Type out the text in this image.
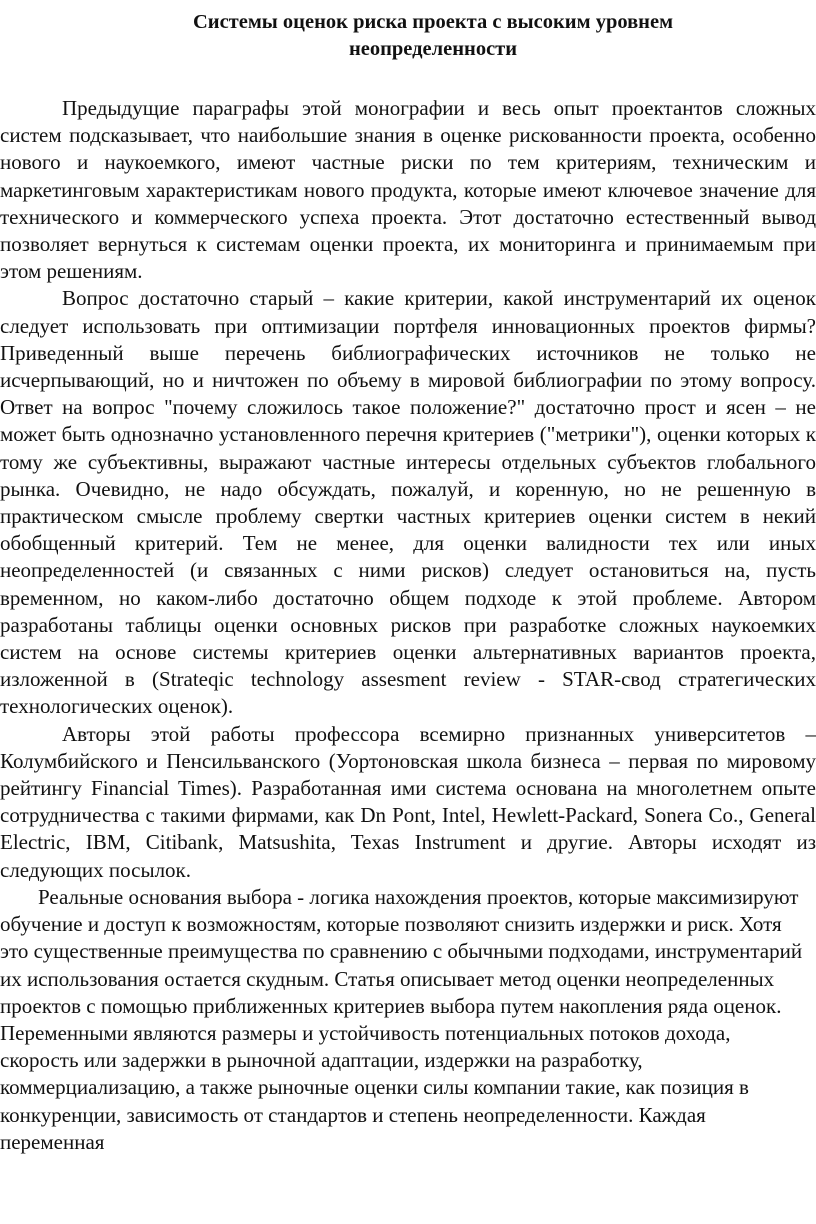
Системы оценок риска проекта с высоким уровнем
неопределенности

Предыдущие параграфы этой монографии и весь опыт проектантов сложных систем подсказывает, что наибольшие знания в оценке рискованности проекта, особенно нового и наукоемкого, имеют частные риски по тем критериям, техническим и маркетинговым характеристикам нового продукта, которые имеют ключевое значение для технического и коммерческого успеха проекта. Этот достаточно естественный вывод позволяет вернуться к системам оценки проекта, их мониторинга и принимаемым при этом решениям.

Вопрос достаточно старый – какие критерии, какой инструментарий их оценок следует использовать при оптимизации портфеля инновационных проектов фирмы? Приведенный выше перечень библиографических источников не только не исчерпывающий, но и ничтожен по объему в мировой библиографии по этому вопросу. Ответ на вопрос "почему сложилось такое положение?" достаточно прост и ясен – не может быть однозначно установленного перечня критериев ("метрики"), оценки которых к тому же субъективны, выражают частные интересы отдельных субъектов глобального рынка. Очевидно, не надо обсуждать, пожалуй, и коренную, но не решенную в практическом смысле проблему свертки частных критериев оценки систем в некий обобщенный критерий. Тем не менее, для оценки валидности тех или иных неопределенностей (и связанных с ними рисков) следует остановиться на, пусть временном, но каком-либо достаточно общем подходе к этой проблеме. Автором разработаны таблицы оценки основных рисков при разработке сложных наукоемких систем на основе системы критериев оценки альтернативных вариантов проекта, изложенной в (Strateqic technology assesment review - STAR-свод стратегических технологических оценок).

Авторы этой работы профессора всемирно признанных университетов – Колумбийского и Пенсильванского (Уортоновская школа бизнеса – первая по мировому рейтингу Financial Times). Разработанная ими система основана на многолетнем опыте сотрудничества с такими фирмами, как Dn Pont, Intel, Hewlett-Packard, Sonera Co., General Electric, IBM, Citibank, Matsushita, Texas Instrument и другие. Авторы исходят из следующих посылок.

Реальные основания выбора - логика нахождения проектов, которые максимизируют обучение и доступ к возможностям, которые позволяют снизить издержки и риск. Хотя это существенные преимущества по сравнению с обычными подходами, инструментарий их использования остается скудным. Статья описывает метод оценки неопределенных проектов с помощью приближенных критериев выбора путем накопления ряда оценок. Переменными являются размеры и устойчивость потенциальных потоков дохода, скорость или задержки в рыночной адаптации, издержки на разработку, коммерциализацию, а также рыночные оценки силы компании такие, как позиция в конкуренции, зависимость от стандартов и степень неопределенности. Каждая переменная
